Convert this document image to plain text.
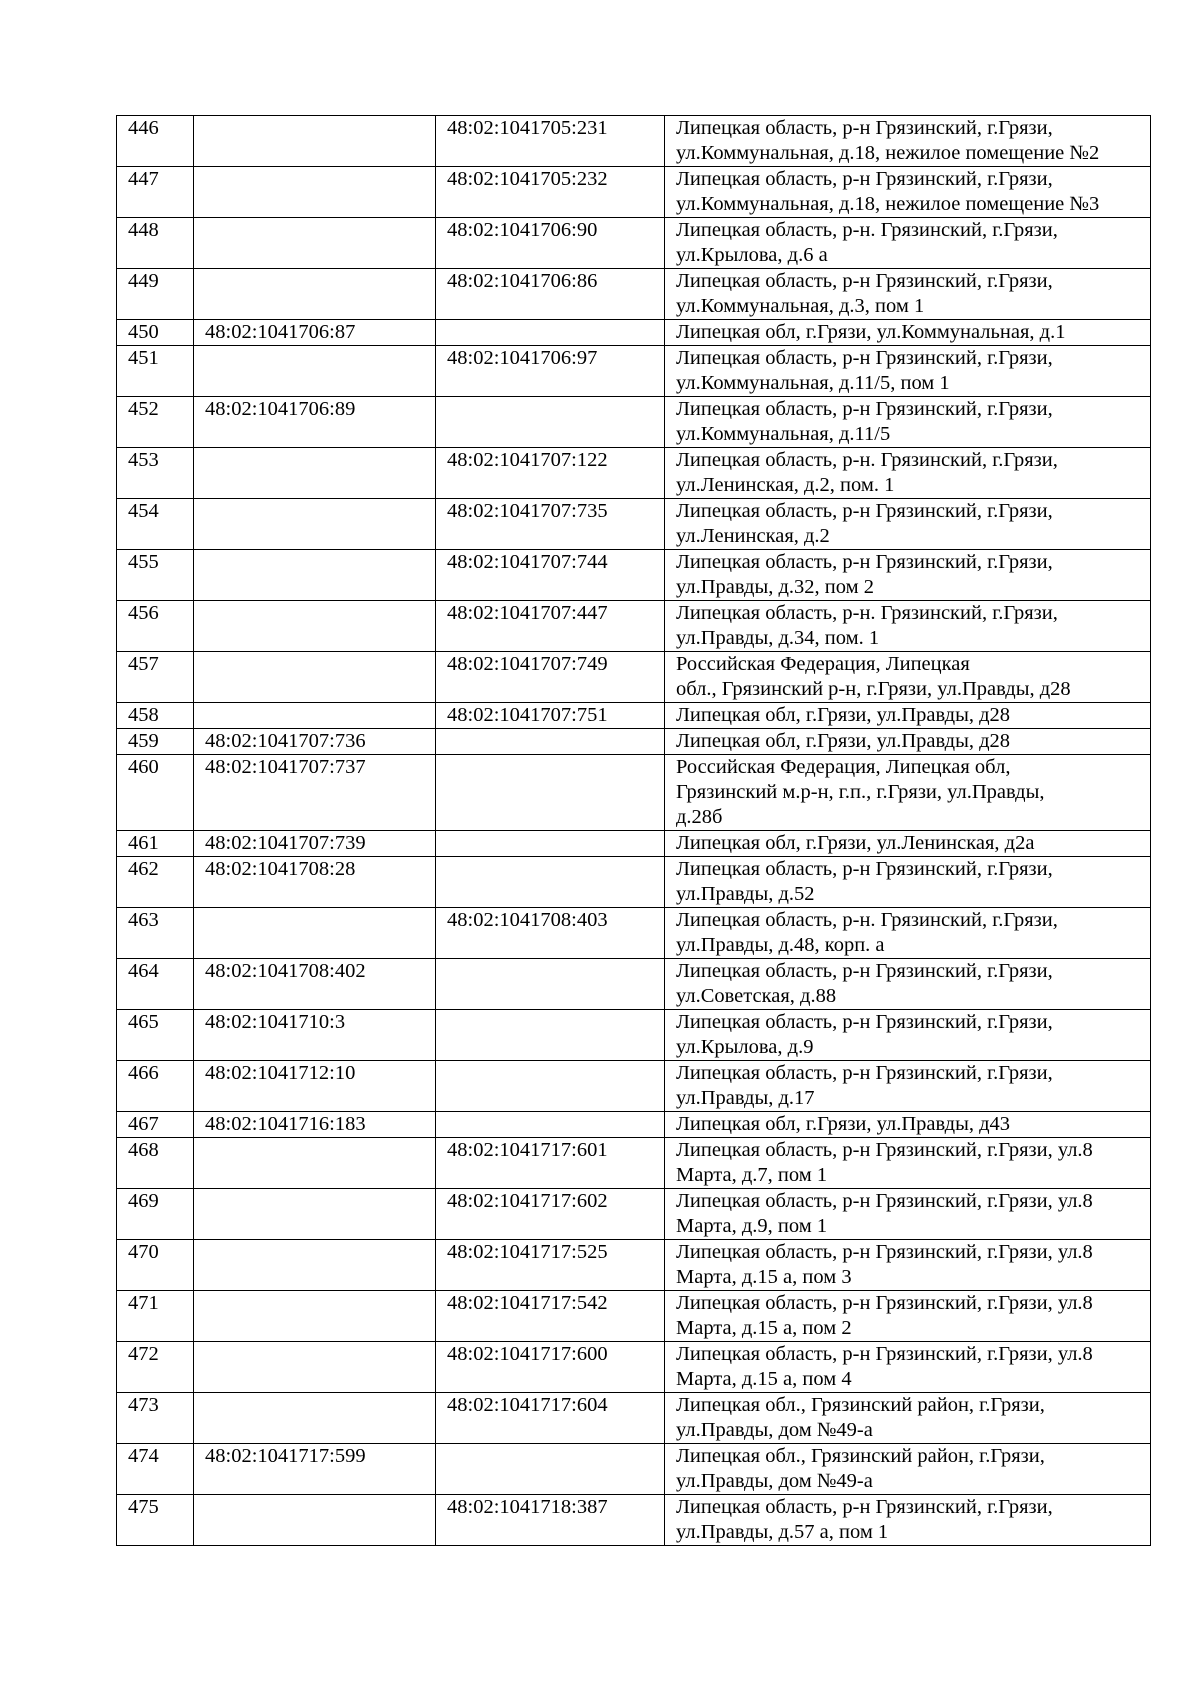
446		48:02:1041705:231	Липецкая область, р-н Грязинский, г.Грязи,
ул.Коммунальная, д.18, нежилое помещение №2

447		48:02:1041705:232	Липецкая область, р-н Грязинский, г.Грязи,
ул.Коммунальная, д.18, нежилое помещение №3

448		48:02:1041706:90	Липецкая область, р-н. Грязинский, г.Грязи,
ул.Крылова, д.6 а

449		48:02:1041706:86	Липецкая область, р-н Грязинский, г.Грязи,
ул.Коммунальная, д.3, пом 1

450	48:02:1041706:87		Липецкая обл, г.Грязи, ул.Коммунальная, д.1

451		48:02:1041706:97	Липецкая область, р-н Грязинский, г.Грязи,
ул.Коммунальная, д.11/5, пом 1

452	48:02:1041706:89		Липецкая область, р-н Грязинский, г.Грязи,
ул.Коммунальная, д.11/5

453		48:02:1041707:122	Липецкая область, р-н. Грязинский, г.Грязи,
ул.Ленинская, д.2, пом. 1

454		48:02:1041707:735	Липецкая область, р-н Грязинский, г.Грязи,
ул.Ленинская, д.2

455		48:02:1041707:744	Липецкая область, р-н Грязинский, г.Грязи,
ул.Правды, д.32, пом 2

456		48:02:1041707:447	Липецкая область, р-н. Грязинский, г.Грязи,
ул.Правды, д.34, пом. 1

457		48:02:1041707:749	Российская Федерация, Липецкая
обл., Грязинский р-н, г.Грязи, ул.Правды, д28

458		48:02:1041707:751	Липецкая обл, г.Грязи, ул.Правды, д28

459	48:02:1041707:736		Липецкая обл, г.Грязи, ул.Правды, д28

460	48:02:1041707:737		Российская Федерация, Липецкая обл,
Грязинский м.р-н, г.п., г.Грязи, ул.Правды,
д.28б

461	48:02:1041707:739		Липецкая обл, г.Грязи, ул.Ленинская, д2а

462	48:02:1041708:28		Липецкая область, р-н Грязинский, г.Грязи,
ул.Правды, д.52

463		48:02:1041708:403	Липецкая область, р-н. Грязинский, г.Грязи,
ул.Правды, д.48, корп. а

464	48:02:1041708:402		Липецкая область, р-н Грязинский, г.Грязи,
ул.Советская, д.88

465	48:02:1041710:3		Липецкая область, р-н Грязинский, г.Грязи,
ул.Крылова, д.9

466	48:02:1041712:10		Липецкая область, р-н Грязинский, г.Грязи,
ул.Правды, д.17

467	48:02:1041716:183		Липецкая обл, г.Грязи, ул.Правды, д43

468		48:02:1041717:601	Липецкая область, р-н Грязинский, г.Грязи, ул.8
Марта, д.7, пом 1

469		48:02:1041717:602	Липецкая область, р-н Грязинский, г.Грязи, ул.8
Марта, д.9, пом 1

470		48:02:1041717:525	Липецкая область, р-н Грязинский, г.Грязи, ул.8
Марта, д.15 а, пом 3

471		48:02:1041717:542	Липецкая область, р-н Грязинский, г.Грязи, ул.8
Марта, д.15 а, пом 2

472		48:02:1041717:600	Липецкая область, р-н Грязинский, г.Грязи, ул.8
Марта, д.15 а, пом 4

473		48:02:1041717:604	Липецкая обл., Грязинский район, г.Грязи,
ул.Правды, дом №49-а

474	48:02:1041717:599		Липецкая обл., Грязинский район, г.Грязи,
ул.Правды, дом №49-а

475		48:02:1041718:387	Липецкая область, р-н Грязинский, г.Грязи,
ул.Правды, д.57 а, пом 1
